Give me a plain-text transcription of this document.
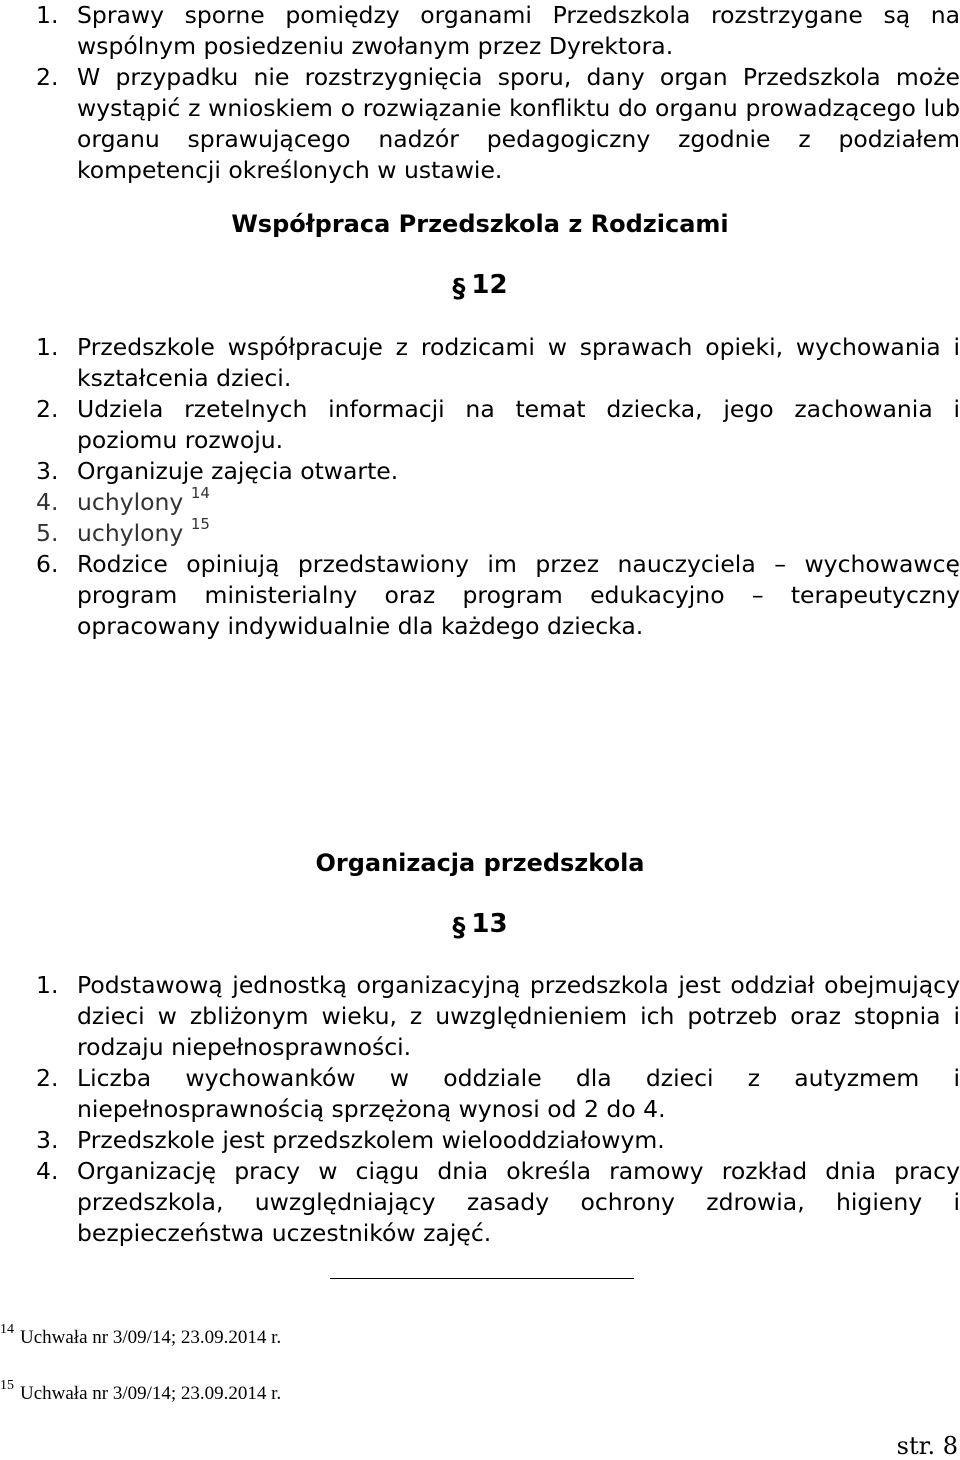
1. Sprawy sporne pomiędzy organami Przedszkola rozstrzygane są na wspólnym posiedzeniu zwołanym przez Dyrektora.
2. W przypadku nie rozstrzygnięcia sporu, dany organ Przedszkola może wystąpić z wnioskiem o rozwiązanie konfliktu do organu prowadzącego lub organu sprawującego nadzór pedagogiczny zgodnie z podziałem kompetencji określonych w ustawie.
Współpraca Przedszkola z Rodzicami
§ 12
1. Przedszkole współpracuje z rodzicami w sprawach opieki, wychowania i kształcenia dzieci.
2. Udziela rzetelnych informacji na temat dziecka, jego zachowania i poziomu rozwoju.
3. Organizuje zajęcia otwarte.
4. uchylony $^{14}$
5. uchylony $^{15}$
6. Rodzice opiniują przedstawiony im przez nauczyciela – wychowawcę program ministerialny oraz program edukacyjno – terapeutyczny opracowany indywidualnie dla każdego dziecka.
Organizacja przedszkola
§ 13
1. Podstawową jednostką organizacyjną przedszkola jest oddział obejmujący dzieci w zbliżonym wieku, z uwzględnieniem ich potrzeb oraz stopnia i rodzaju niepełnosprawności.
2. Liczba wychowanków w oddziale dla dzieci z autyzmem i niepełnosprawnością sprzężoną wynosi od 2 do 4.
3. Przedszkole jest przedszkolem wielooddziałowym.
4. Organizację pracy w ciągu dnia określa ramowy rozkład dnia pracy przedszkola, uwzględniający zasady ochrony zdrowia, higieny i bezpieczeństwa uczestników zajęć.
$^{14}$ Uchwała nr 3/09/14; 23.09.2014 r.
$^{15}$ Uchwała nr 3/09/14; 23.09.2014 r.
str. 8
